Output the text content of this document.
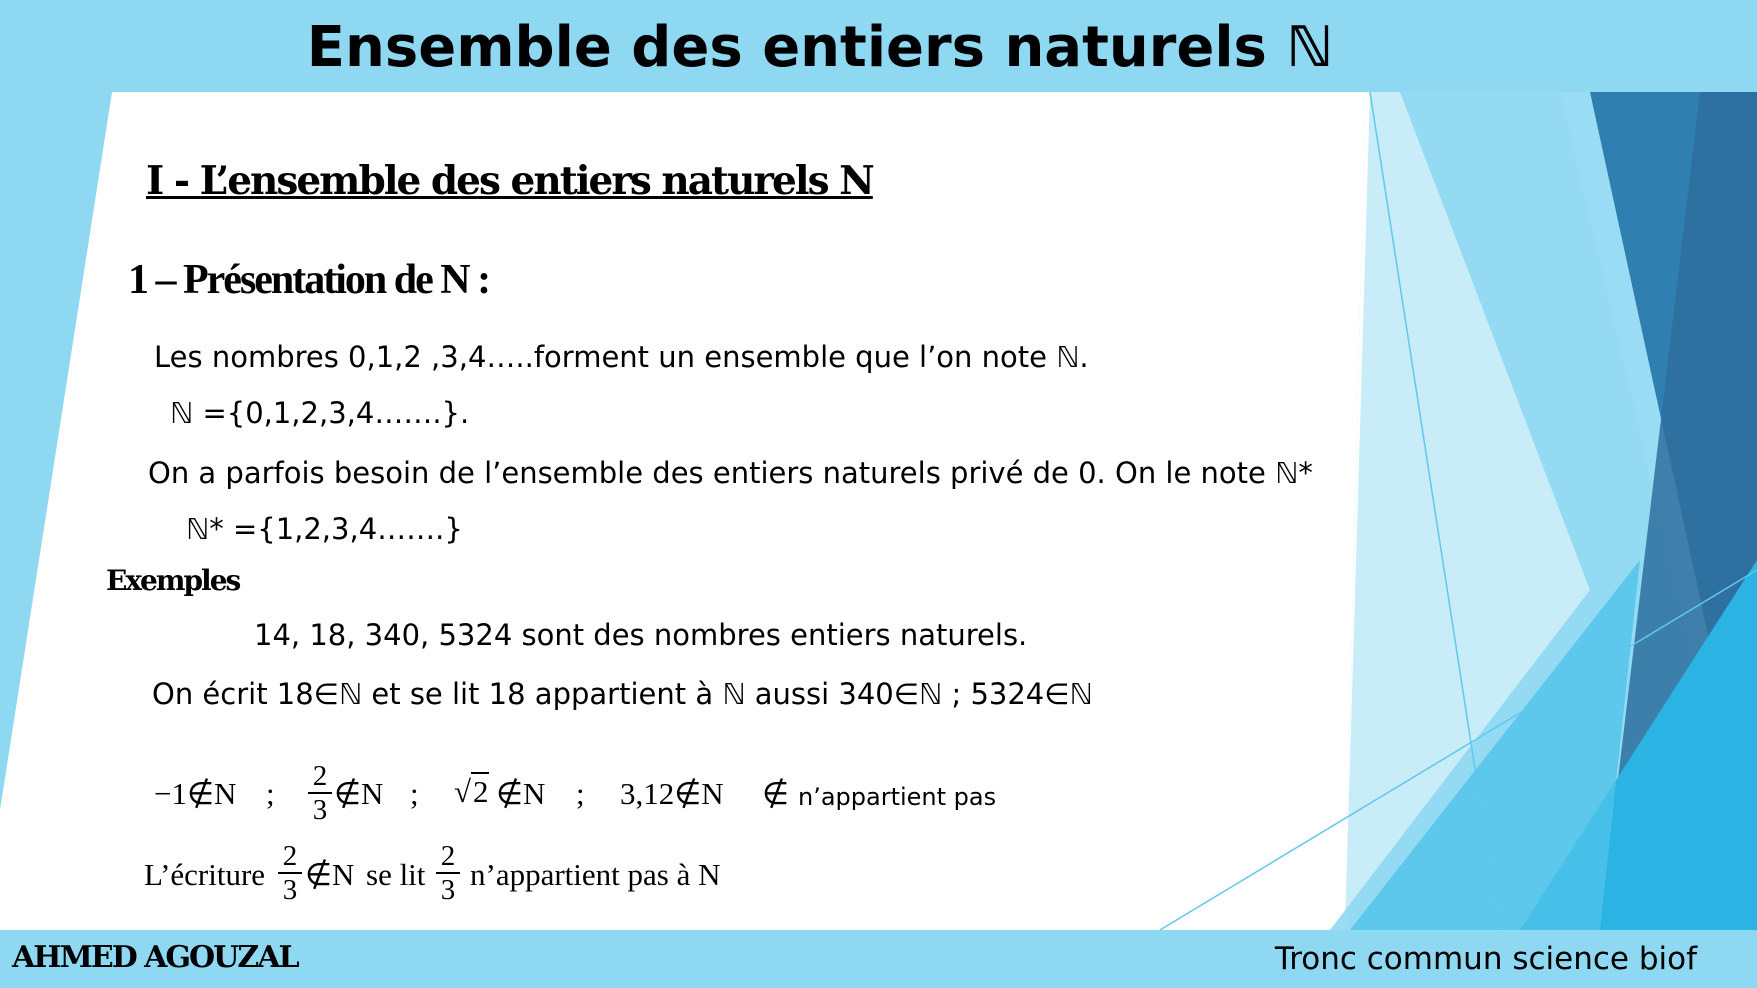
Ensemble des entiers naturels ℕ
I - L’ensemble des entiers naturels N
1 – Présentation de N :
Les nombres 0,1,2 ,3,4…..forment un ensemble que l’on note ℕ.
ℕ ={0,1,2,3,4…….}.
On a parfois besoin de l’ensemble des entiers naturels privé de 0. On le note ℕ*
ℕ* ={1,2,3,4…….}
Exemples
14, 18, 340, 5324 sont des nombres entiers naturels.
On écrit 18∈ℕ et se lit 18 appartient à ℕ aussi 340∈ℕ ; 5324∈ℕ
−1∉N ; $\frac{2}{3}$ ∉N ; √2 ∉N ; 3,12∉N ∉ n’appartient pas
L’écriture $\frac{2}{3}$ ∉N se lit $\frac{2}{3}$ n’appartient pas à N
AHMED AGOUZAL	Tronc commun science biof
